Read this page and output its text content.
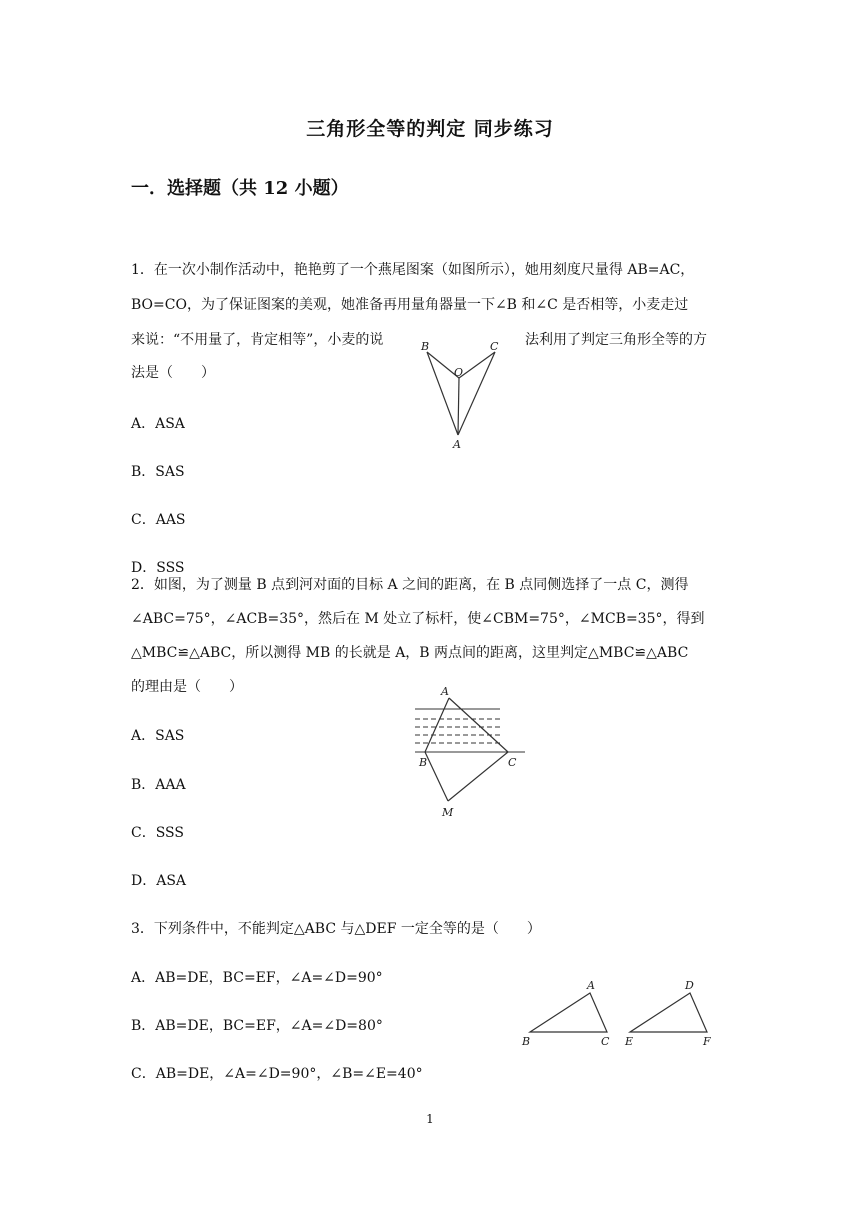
三角形全等的判定 同步练习
一．选择题（共 12 小题）
1．在一次小制作活动中，艳艳剪了一个燕尾图案（如图所示），她用刻度尺量得 AB=AC，
BO=CO，为了保证图案的美观，她准备再用量角器量一下∠B 和∠C 是否相等，小麦走过
来说：“不用量了，肯定相等”，小麦的说	法利用了判定三角形全等的方
法是（　　）
A．ASA
B．SAS
C．AAS
D．SSS
B	C
O
A
2．如图，为了测量 B 点到河对面的目标 A 之间的距离，在 B 点同侧选择了一点 C，测得
∠ABC=75°，∠ACB=35°，然后在 M 处立了标杆，使∠CBM=75°，∠MCB=35°，得到
△MBC≌△ABC，所以测得 MB 的长就是 A，B 两点间的距离，这里判定△MBC≌△ABC
的理由是（　　）
A．SAS
B．AAA
C．SSS
D．ASA
A
B	C
M
3．下列条件中，不能判定△ABC 与△DEF 一定全等的是（　　）
A．AB=DE，BC=EF，∠A=∠D=90°
B．AB=DE，BC=EF，∠A=∠D=80°
C．AB=DE，∠A=∠D=90°，∠B=∠E=40°
A
B	C
D
E	F
1
